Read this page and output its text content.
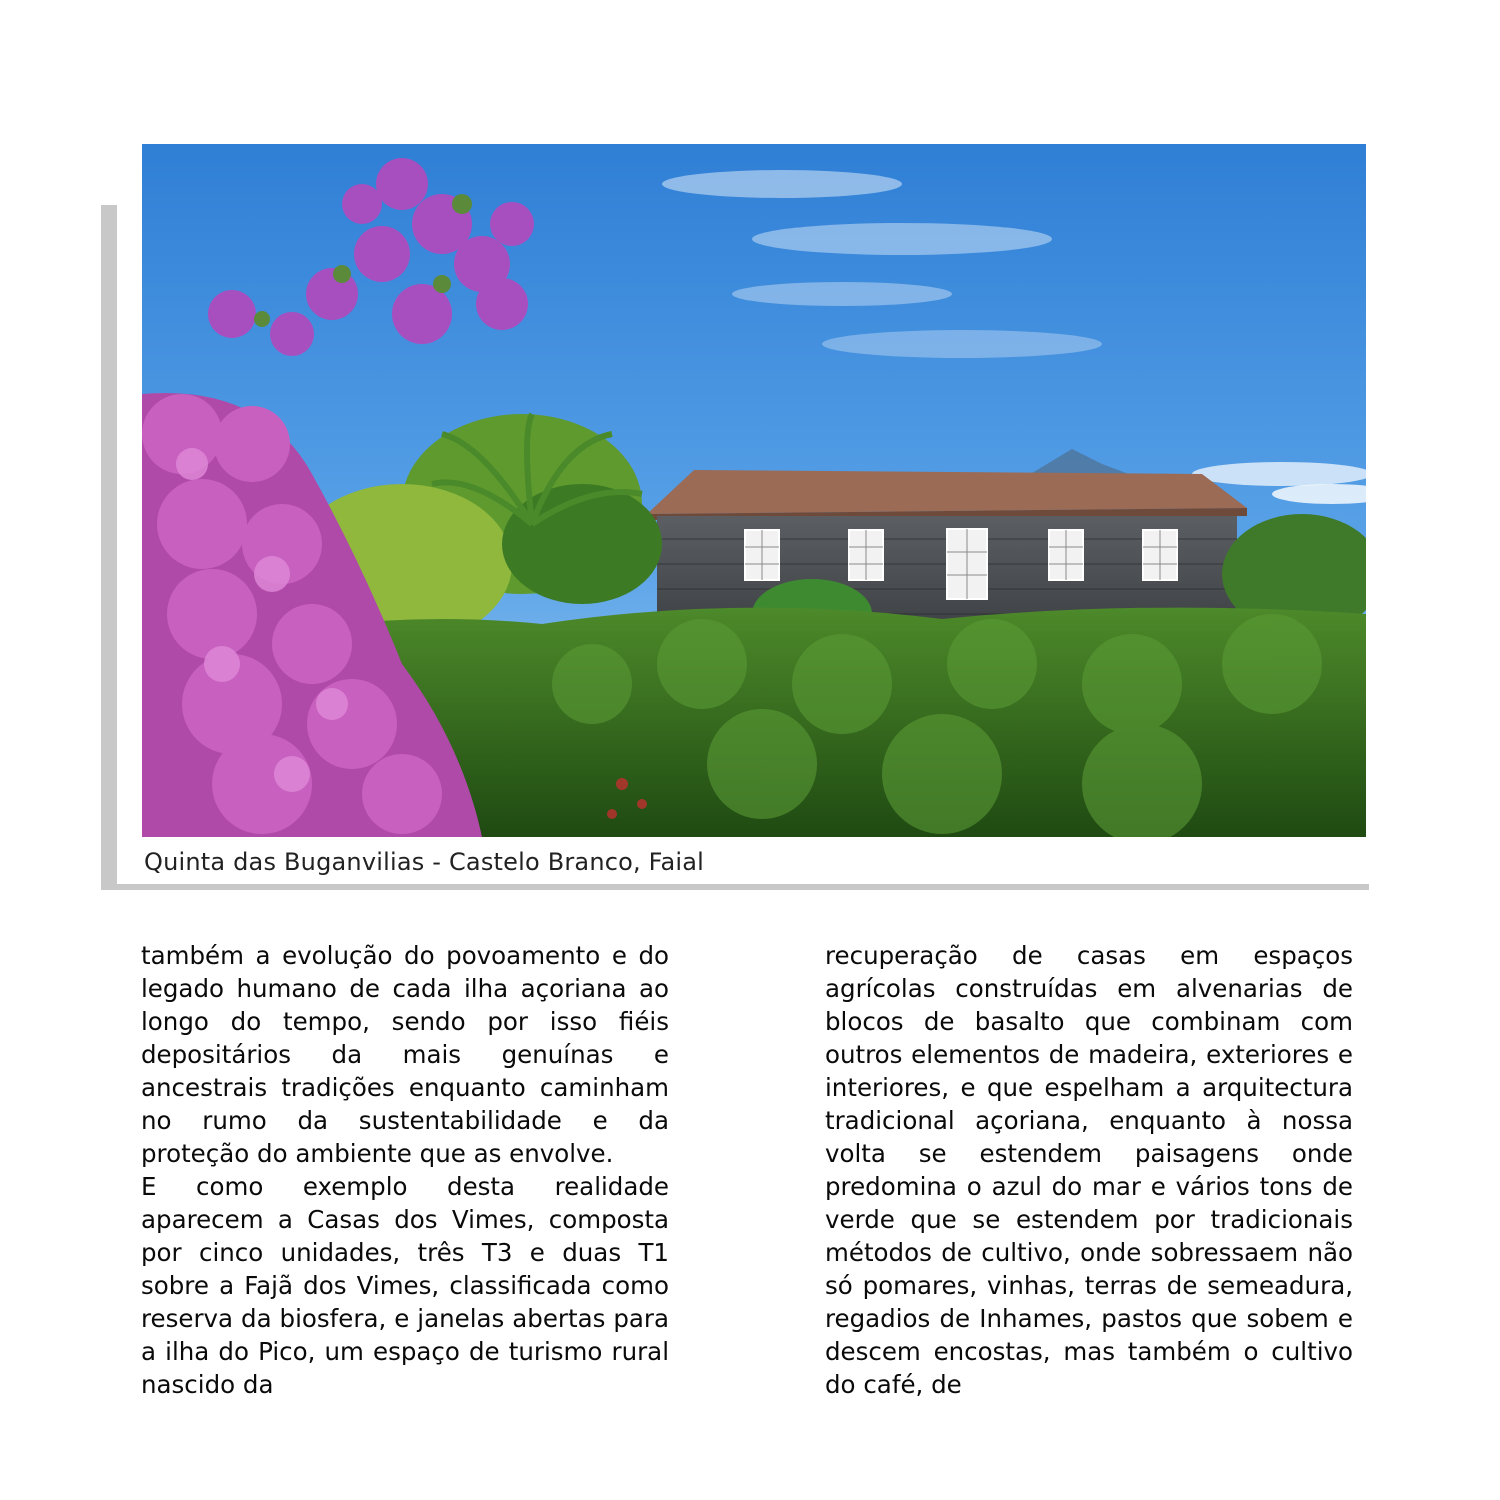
Quinta das Buganvilias - Castelo Branco, Faial

também a evolução do povoamento e do legado humano de cada ilha açoriana ao longo do tempo, sendo por isso fiéis depositários da mais genuínas e ancestrais tradições enquanto caminham no rumo da sustentabilidade e da proteção do ambiente que as envolve.

E como exemplo desta realidade aparecem a Casas dos Vimes, composta por cinco unidades, três T3 e duas T1 sobre a Fajã dos Vimes, classificada como reserva da biosfera, e janelas abertas para a ilha do Pico, um espaço de turismo rural nascido da

recuperação de casas em espaços agrícolas construídas em alvenarias de blocos de basalto que combinam com outros elementos de madeira, exteriores e interiores, e que espelham a arquitectura tradicional açoriana, enquanto à nossa volta se estendem paisagens onde predomina o azul do mar e vários tons de verde que se estendem por tradicionais métodos de cultivo, onde sobressaem não só pomares, vinhas, terras de semeadura, regadios de Inhames, pastos que sobem e descem encostas, mas também o cultivo do café, de
